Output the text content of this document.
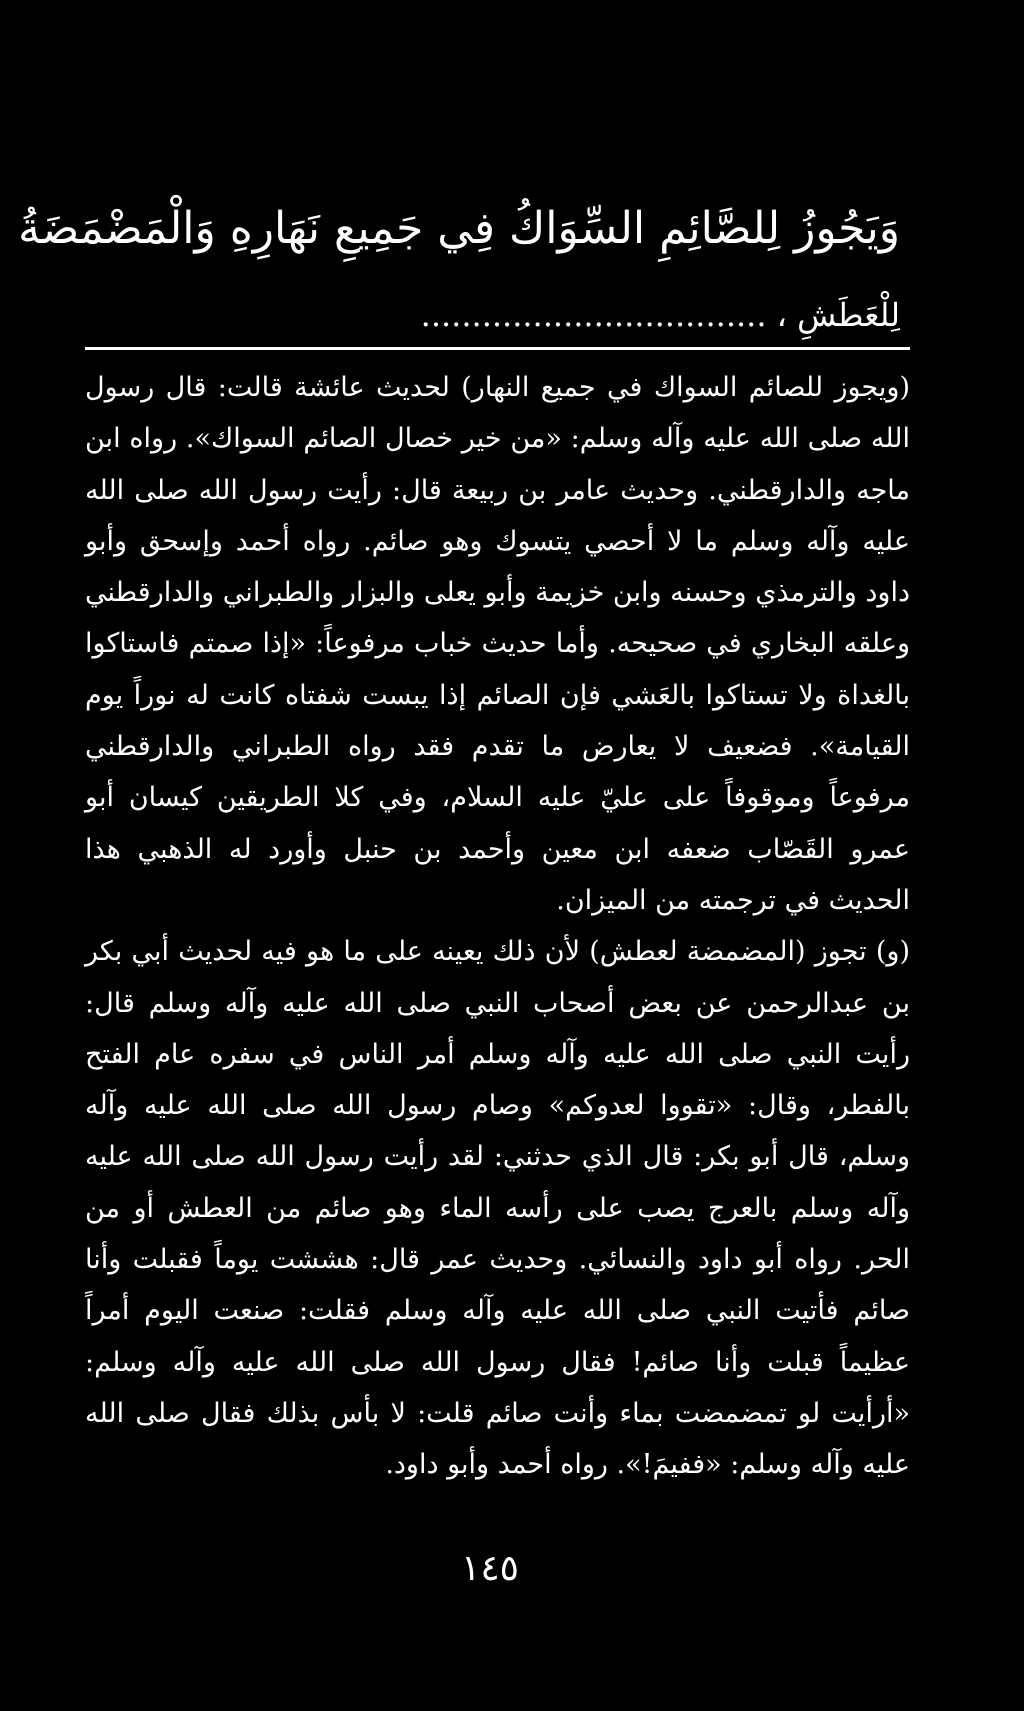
وَيَجُوزُ لِلصَّائِمِ السِّوَاكُ فِي جَمِيعِ نَهَارِهِ وَالْمَضْمَضَةُ
لِلْعَطَشِ ، ..................................

(ويجوز للصائم السواك في جميع النهار) لحديث عائشة قالت: قال رسول الله صلى الله عليه وآله وسلم: «من خير خصال الصائم السواك». رواه ابن ماجه والدارقطني. وحديث عامر بن ربيعة قال: رأيت رسول الله صلى الله عليه وآله وسلم ما لا أحصي يتسوك وهو صائم. رواه أحمد وإسحق وأبو داود والترمذي وحسنه وابن خزيمة وأبو يعلى والبزار والطبراني والدارقطني وعلقه البخاري في صحيحه. وأما حديث خباب مرفوعاً: «إذا صمتم فاستاكوا بالغداة ولا تستاكوا بالعَشي فإن الصائم إذا يبست شفتاه كانت له نوراً يوم القيامة». فضعيف لا يعارض ما تقدم فقد رواه الطبراني والدارقطني مرفوعاً وموقوفاً على عليّ عليه السلام، وفي كلا الطريقين كيسان أبو عمرو القَصّاب ضعفه ابن معين وأحمد بن حنبل وأورد له الذهبي هذا الحديث في ترجمته من الميزان.

(و) تجوز (المضمضة لعطش) لأن ذلك يعينه على ما هو فيه لحديث أبي بكر بن عبدالرحمن عن بعض أصحاب النبي صلى الله عليه وآله وسلم قال: رأيت النبي صلى الله عليه وآله وسلم أمر الناس في سفره عام الفتح بالفطر، وقال: «تقووا لعدوكم» وصام رسول الله صلى الله عليه وآله وسلم، قال أبو بكر: قال الذي حدثني: لقد رأيت رسول الله صلى الله عليه وآله وسلم بالعرج يصب على رأسه الماء وهو صائم من العطش أو من الحر. رواه أبو داود والنسائي. وحديث عمر قال: هششت يوماً فقبلت وأنا صائم فأتيت النبي صلى الله عليه وآله وسلم فقلت: صنعت اليوم أمراً عظيماً قبلت وأنا صائم! فقال رسول الله صلى الله عليه وآله وسلم: «أرأيت لو تمضمضت بماء وأنت صائم قلت: لا بأس بذلك فقال صلى الله عليه وآله وسلم: «ففيمَ!». رواه أحمد وأبو داود.

١٤٥
